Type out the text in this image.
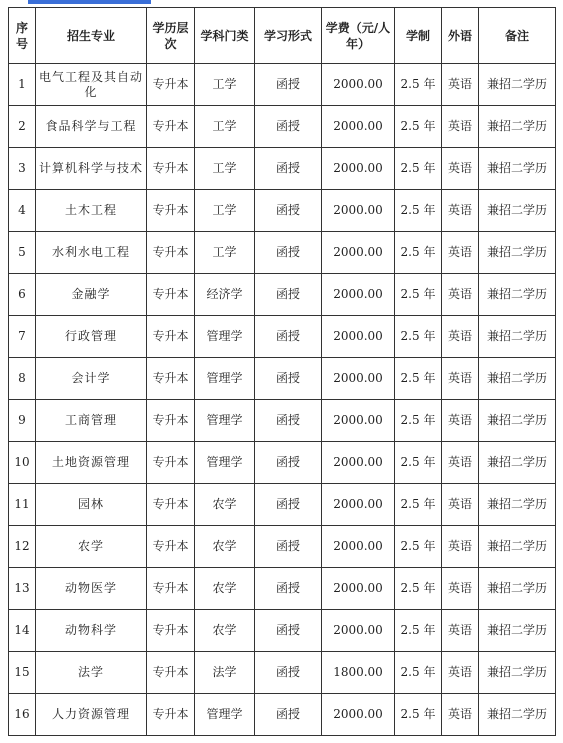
序号	招生专业	学历层次	学科门类	学习形式	学费（元/人年）	学制	外语	备注
1	电气工程及其自动化	专升本	工学	函授	2000.00	2.5 年	英语	兼招二学历
2	食品科学与工程	专升本	工学	函授	2000.00	2.5 年	英语	兼招二学历
3	计算机科学与技术	专升本	工学	函授	2000.00	2.5 年	英语	兼招二学历
4	土木工程	专升本	工学	函授	2000.00	2.5 年	英语	兼招二学历
5	水利水电工程	专升本	工学	函授	2000.00	2.5 年	英语	兼招二学历
6	金融学	专升本	经济学	函授	2000.00	2.5 年	英语	兼招二学历
7	行政管理	专升本	管理学	函授	2000.00	2.5 年	英语	兼招二学历
8	会计学	专升本	管理学	函授	2000.00	2.5 年	英语	兼招二学历
9	工商管理	专升本	管理学	函授	2000.00	2.5 年	英语	兼招二学历
10	土地资源管理	专升本	管理学	函授	2000.00	2.5 年	英语	兼招二学历
11	园林	专升本	农学	函授	2000.00	2.5 年	英语	兼招二学历
12	农学	专升本	农学	函授	2000.00	2.5 年	英语	兼招二学历
13	动物医学	专升本	农学	函授	2000.00	2.5 年	英语	兼招二学历
14	动物科学	专升本	农学	函授	2000.00	2.5 年	英语	兼招二学历
15	法学	专升本	法学	函授	1800.00	2.5 年	英语	兼招二学历
16	人力资源管理	专升本	管理学	函授	2000.00	2.5 年	英语	兼招二学历
